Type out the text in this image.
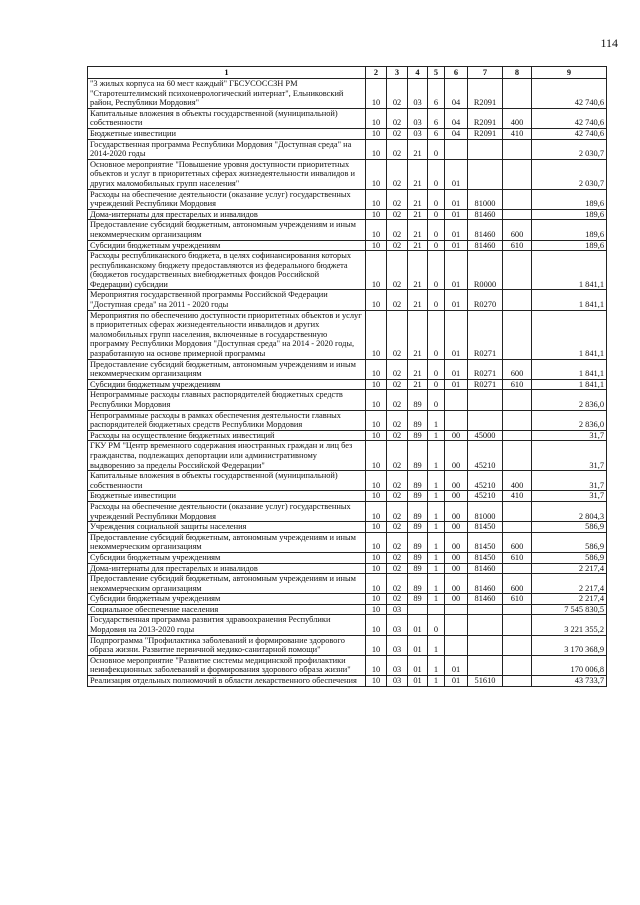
114
1	2	3	4	5	6	7	8	9
"3 жилых корпуса на 60 мест каждый" ГБСУСОССЗН РМ "Старотештелимский психоневрологический интернат", Ельниковский район, Республики Мордовия"	10	02	03	6	04	R2091		42 740,6
Капитальные вложения в объекты государственной (муниципальной) собственности	10	02	03	6	04	R2091	400	42 740,6
Бюджетные инвестиции	10	02	03	6	04	R2091	410	42 740,6
Государственная программа Республики Мордовия "Доступная среда" на 2014-2020 годы	10	02	21	0				2 030,7
Основное мероприятие "Повышение уровня доступности приоритетных объектов и услуг в приоритетных сферах жизнедеятельности инвалидов и других маломобильных групп населения"	10	02	21	0	01			2 030,7
Расходы на обеспечение деятельности (оказание услуг) государственных учреждений Республики Мордовия	10	02	21	0	01	81000		189,6
Дома-интернаты для престарелых и инвалидов	10	02	21	0	01	81460		189,6
Предоставление субсидий бюджетным, автономным учреждениям и иным некоммерческим организациям	10	02	21	0	01	81460	600	189,6
Субсидии бюджетным учреждениям	10	02	21	0	01	81460	610	189,6
Расходы республиканского бюджета, в целях софинансирования которых республиканскому бюджету предоставляются из федерального бюджета (бюджетов государственных внебюджетных фондов Российской Федерации) субсидии	10	02	21	0	01	R0000		1 841,1
Мероприятия государственной программы Российской Федерации "Доступная среда" на 2011 - 2020 годы	10	02	21	0	01	R0270		1 841,1
Мероприятия по обеспечению доступности приоритетных объектов и услуг в приоритетных сферах жизнедеятельности инвалидов и других маломобильных групп населения, включенные в государственную программу Республики Мордовия "Доступная среда" на 2014 - 2020 годы, разработанную на основе примерной программы	10	02	21	0	01	R0271		1 841,1
Предоставление субсидий бюджетным, автономным учреждениям и иным некоммерческим организациям	10	02	21	0	01	R0271	600	1 841,1
Субсидии бюджетным учреждениям	10	02	21	0	01	R0271	610	1 841,1
Непрограммные расходы главных распорядителей бюджетных средств Республики Мордовия	10	02	89	0				2 836,0
Непрограммные расходы в рамках обеспечения деятельности главных распорядителей бюджетных средств Республики Мордовия	10	02	89	1				2 836,0
Расходы на осуществление бюджетных инвестиций	10	02	89	1	00	45000		31,7
ГКУ РМ "Центр временного содержания иностранных граждан и лиц без гражданства, подлежащих депортации или административному выдворению за пределы Российской Федерации"	10	02	89	1	00	45210		31,7
Капитальные вложения в объекты государственной (муниципальной) собственности	10	02	89	1	00	45210	400	31,7
Бюджетные инвестиции	10	02	89	1	00	45210	410	31,7
Расходы на обеспечение деятельности (оказание услуг) государственных учреждений Республики Мордовия	10	02	89	1	00	81000		2 804,3
Учреждения социальной защиты населения	10	02	89	1	00	81450		586,9
Предоставление субсидий бюджетным, автономным учреждениям и иным некоммерческим организациям	10	02	89	1	00	81450	600	586,9
Субсидии бюджетным учреждениям	10	02	89	1	00	81450	610	586,9
Дома-интернаты для престарелых и инвалидов	10	02	89	1	00	81460		2 217,4
Предоставление субсидий бюджетным, автономным учреждениям и иным некоммерческим организациям	10	02	89	1	00	81460	600	2 217,4
Субсидии бюджетным учреждениям	10	02	89	1	00	81460	610	2 217,4
Социальное обеспечение населения	10	03						7 545 830,5
Государственная программа развития здравоохранения Республики Мордовия на 2013-2020 годы	10	03	01	0				3 221 355,2
Подпрограмма "Профилактика заболеваний и формирование здорового образа жизни. Развитие первичной медико-санитарной помощи"	10	03	01	1				3 170 368,9
Основное мероприятие "Развитие системы медицинской профилактики неинфекционных заболеваний и формирования здорового образа жизни"	10	03	01	1	01			170 006,8
Реализация отдельных полномочий в области лекарственного обеспечения	10	03	01	1	01	51610		43 733,7
